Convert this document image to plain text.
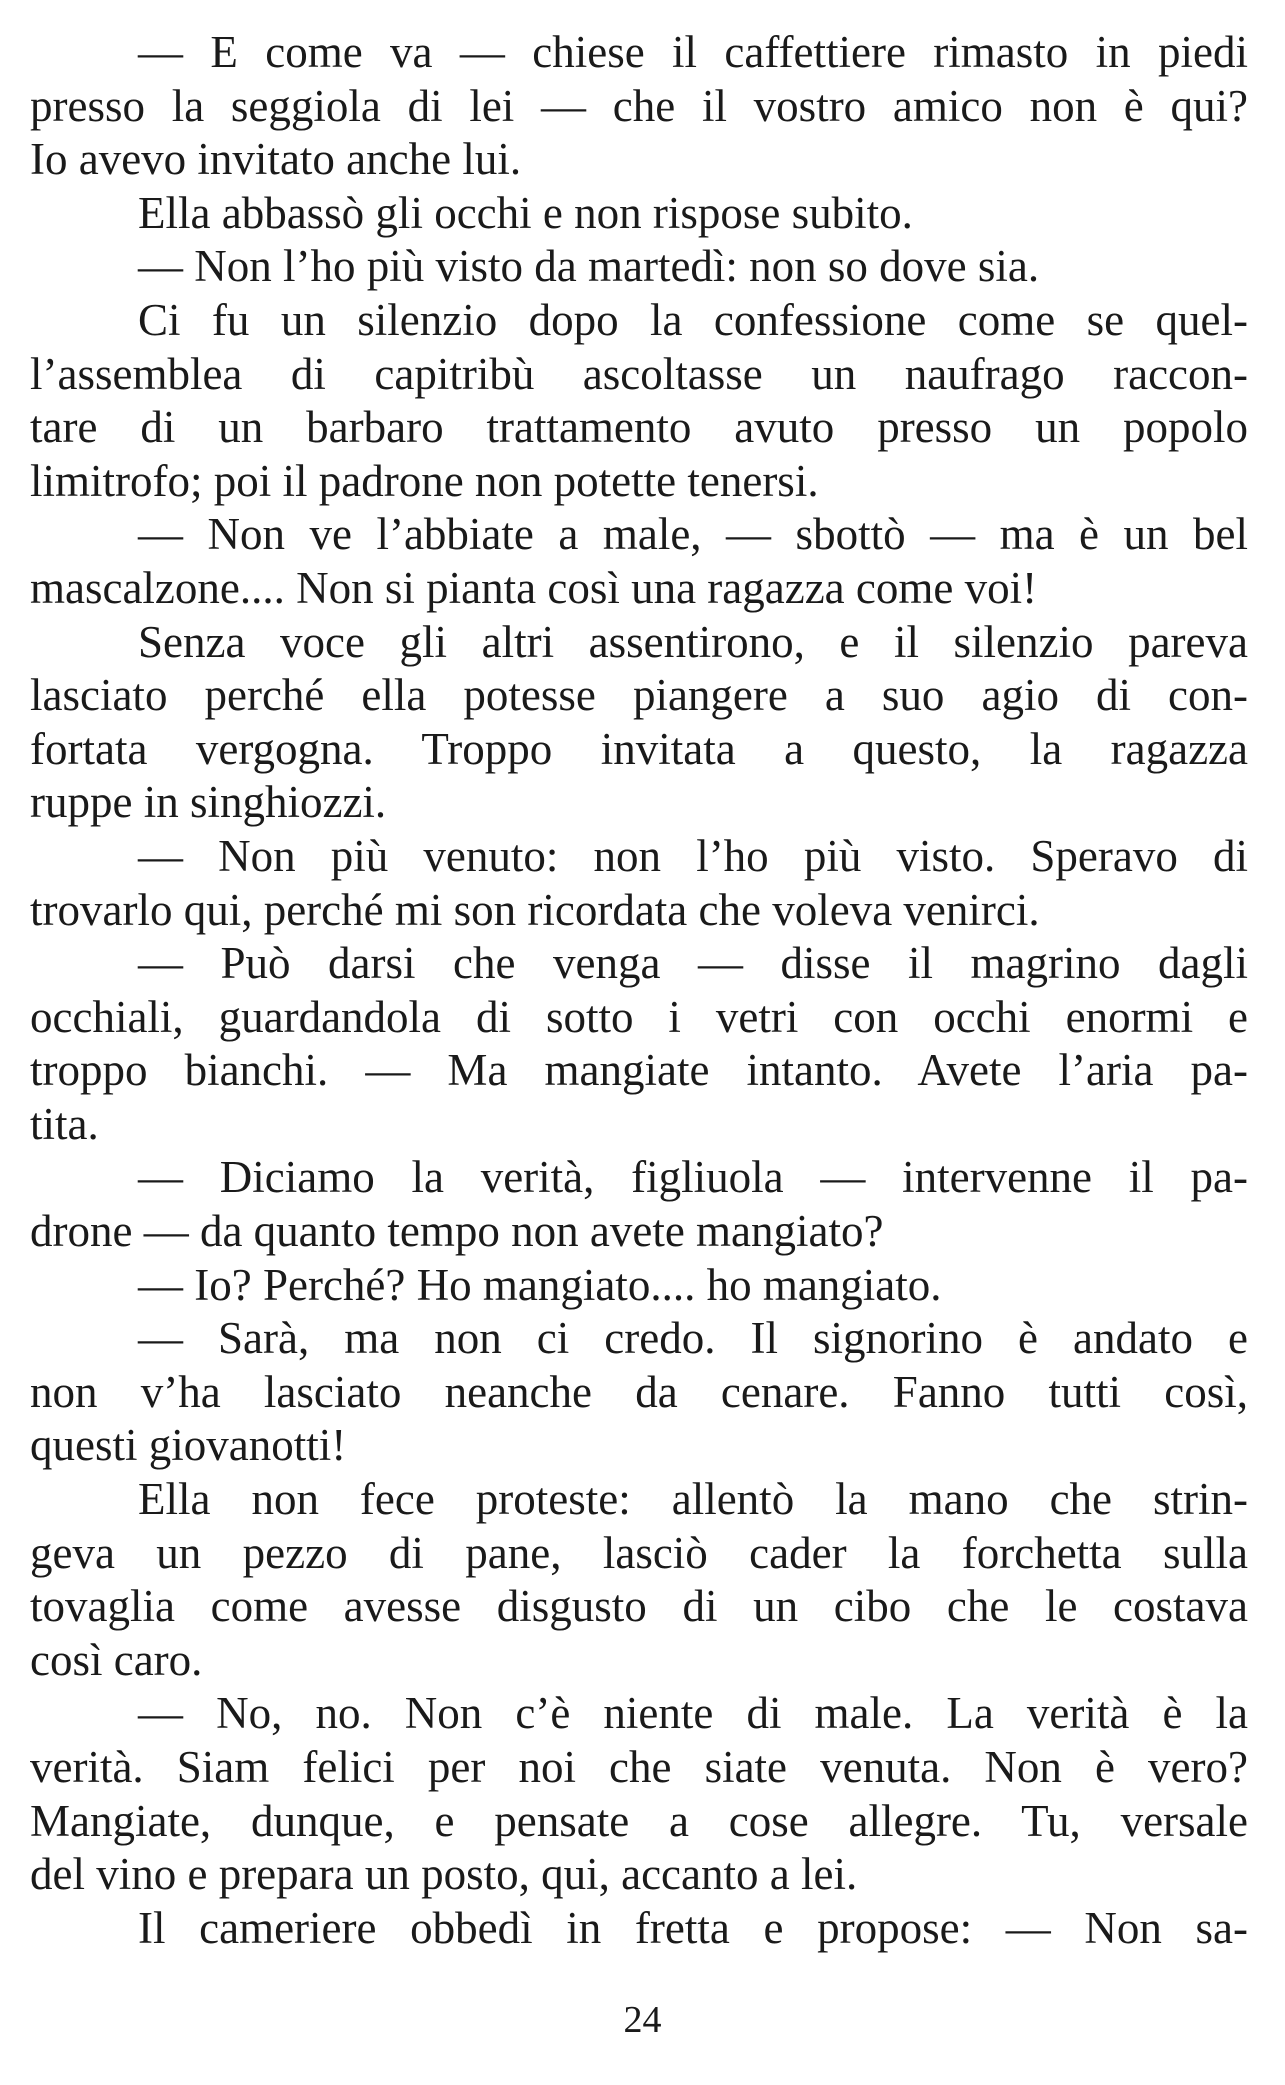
— E come va — chiese il caffettiere rimasto in piedi
presso la seggiola di lei — che il vostro amico non è qui?
Io avevo invitato anche lui.
Ella abbassò gli occhi e non rispose subito.
— Non l’ho più visto da martedì: non so dove sia.
Ci fu un silenzio dopo la confessione come se quel-
l’assemblea di capitribù ascoltasse un naufrago raccon-
tare di un barbaro trattamento avuto presso un popolo
limitrofo; poi il padrone non potette tenersi.
— Non ve l’abbiate a male, — sbottò — ma è un bel
mascalzone.... Non si pianta così una ragazza come voi!
Senza voce gli altri assentirono, e il silenzio pareva
lasciato perché ella potesse piangere a suo agio di con-
fortata vergogna. Troppo invitata a questo, la ragazza
ruppe in singhiozzi.
— Non più venuto: non l’ho più visto. Speravo di
trovarlo qui, perché mi son ricordata che voleva venirci.
— Può darsi che venga — disse il magrino dagli
occhiali, guardandola di sotto i vetri con occhi enormi e
troppo bianchi. — Ma mangiate intanto. Avete l’aria pa-
tita.
— Diciamo la verità, figliuola — intervenne il pa-
drone — da quanto tempo non avete mangiato?
— Io? Perché? Ho mangiato.... ho mangiato.
— Sarà, ma non ci credo. Il signorino è andato e
non v’ha lasciato neanche da cenare. Fanno tutti così,
questi giovanotti!
Ella non fece proteste: allentò la mano che strin-
geva un pezzo di pane, lasciò cader la forchetta sulla
tovaglia come avesse disgusto di un cibo che le costava
così caro.
— No, no. Non c’è niente di male. La verità è la
verità. Siam felici per noi che siate venuta. Non è vero?
Mangiate, dunque, e pensate a cose allegre. Tu, versale
del vino e prepara un posto, qui, accanto a lei.
Il cameriere obbedì in fretta e propose: — Non sa-
24
